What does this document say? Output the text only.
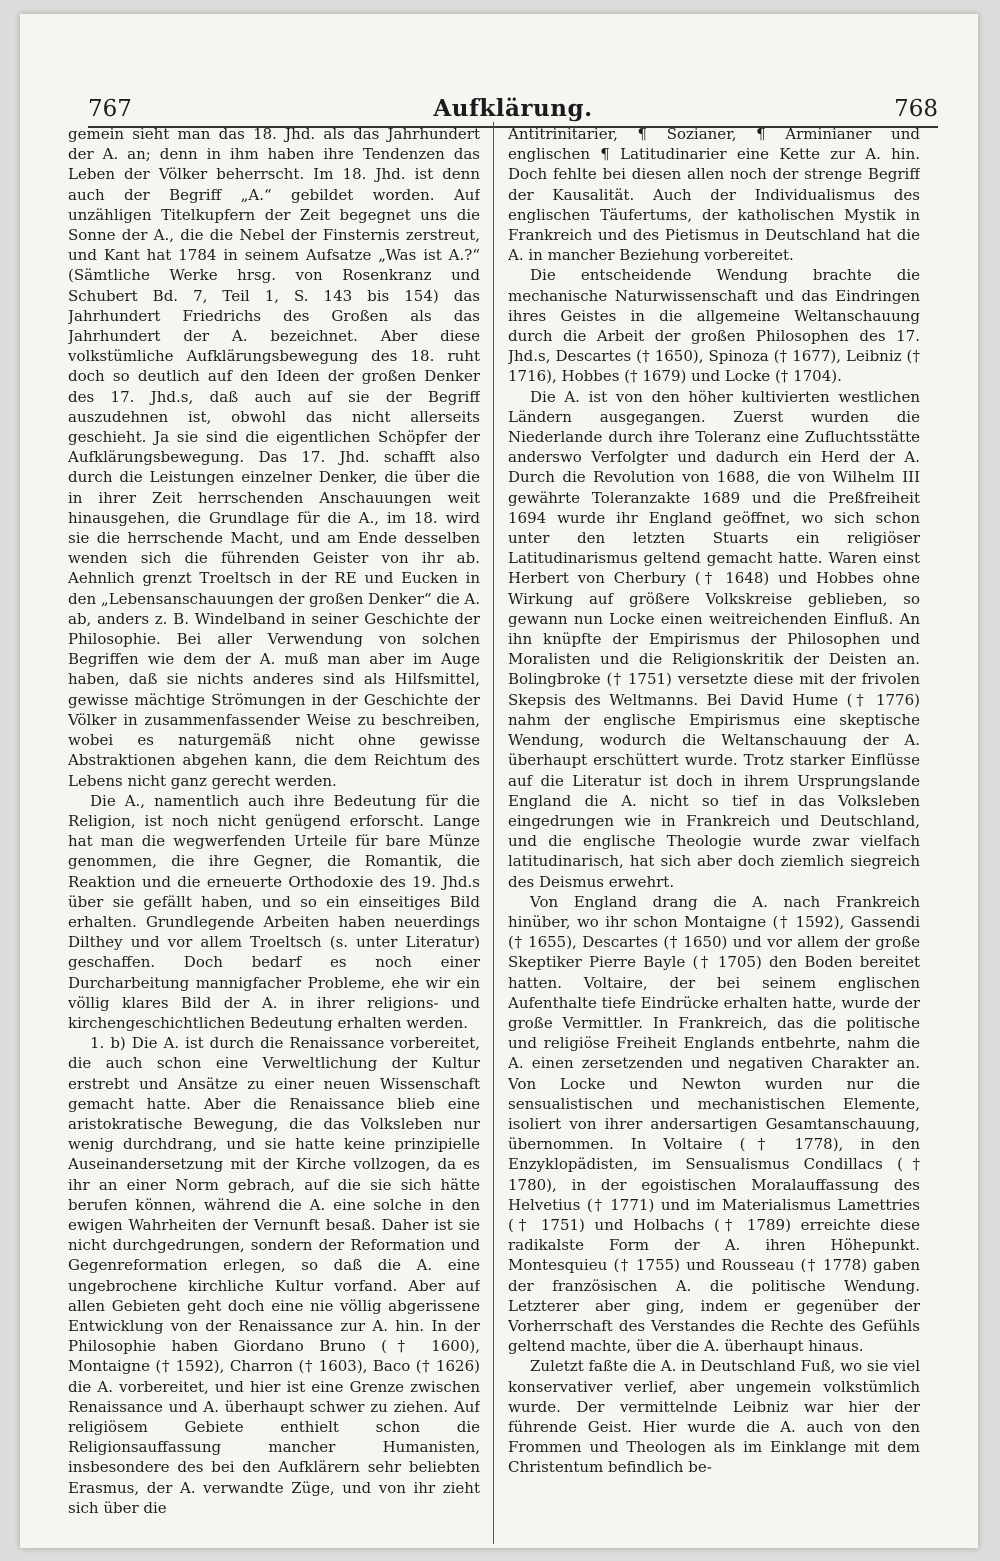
767	Aufklärung.	768

gemein sieht man das 18. Jhd. als das Jahrhundert der A. an; denn in ihm haben ihre Tendenzen das Leben der Völker beherrscht. Im 18. Jhd. ist denn auch der Begriff „A.“ gebildet worden. Auf unzähligen Titelkupfern der Zeit begegnet uns die Sonne der A., die die Nebel der Finsternis zerstreut, und Kant hat 1784 in seinem Aufsatze „Was ist A.?“ (Sämtliche Werke hrsg. von Rosenkranz und Schubert Bd. 7, Teil 1, S. 143 bis 154) das Jahrhundert Friedrichs des Großen als das Jahrhundert der A. bezeichnet. Aber diese volkstümliche Aufklärungsbewegung des 18. ruht doch so deutlich auf den Ideen der großen Denker des 17. Jhd.s, daß auch auf sie der Begriff auszudehnen ist, obwohl das nicht allerseits geschieht. Ja sie sind die eigentlichen Schöpfer der Aufklärungsbewegung. Das 17. Jhd. schafft also durch die Leistungen einzelner Denker, die über die in ihrer Zeit herrschenden Anschauungen weit hinausgehen, die Grundlage für die A., im 18. wird sie die herrschende Macht, und am Ende desselben wenden sich die führenden Geister von ihr ab. Aehnlich grenzt Troeltsch in der RE und Eucken in den „Lebensanschauungen der großen Denker“ die A. ab, anders z. B. Windelband in seiner Geschichte der Philosophie. Bei aller Verwendung von solchen Begriffen wie dem der A. muß man aber im Auge haben, daß sie nichts anderes sind als Hilfsmittel, gewisse mächtige Strömungen in der Geschichte der Völker in zusammenfassender Weise zu beschreiben, wobei es naturgemäß nicht ohne gewisse Abstraktionen abgehen kann, die dem Reichtum des Lebens nicht ganz gerecht werden.

Die A., namentlich auch ihre Bedeutung für die Religion, ist noch nicht genügend erforscht. Lange hat man die wegwerfenden Urteile für bare Münze genommen, die ihre Gegner, die Romantik, die Reaktion und die erneuerte Orthodoxie des 19. Jhd.s über sie gefällt haben, und so ein einseitiges Bild erhalten. Grundlegende Arbeiten haben neuerdings Dilthey und vor allem Troeltsch (s. unter Literatur) geschaffen. Doch bedarf es noch einer Durcharbeitung mannigfacher Probleme, ehe wir ein völlig klares Bild der A. in ihrer religions- und kirchengeschichtlichen Bedeutung erhalten werden.

1. b) Die A. ist durch die Renaissance vorbereitet, die auch schon eine Verweltlichung der Kultur erstrebt und Ansätze zu einer neuen Wissenschaft gemacht hatte. Aber die Renaissance blieb eine aristokratische Bewegung, die das Volksleben nur wenig durchdrang, und sie hatte keine prinzipielle Auseinandersetzung mit der Kirche vollzogen, da es ihr an einer Norm gebrach, auf die sie sich hätte berufen können, während die A. eine solche in den ewigen Wahrheiten der Vernunft besaß. Daher ist sie nicht durchgedrungen, sondern der Reformation und Gegenreformation erlegen, so daß die A. eine ungebrochene kirchliche Kultur vorfand. Aber auf allen Gebieten geht doch eine nie völlig abgerissene Entwicklung von der Renaissance zur A. hin. In der Philosophie haben Giordano Bruno († 1600), Montaigne († 1592), Charron († 1603), Baco († 1626) die A. vorbereitet, und hier ist eine Grenze zwischen Renaissance und A. überhaupt schwer zu ziehen. Auf religiösem Gebiete enthielt schon die Religionsauffassung mancher Humanisten, insbesondere des bei den Aufklärern sehr beliebten Erasmus, der A. verwandte Züge, und von ihr zieht sich über die

Antitrinitarier, ¶ Sozianer, ¶ Arminianer und englischen ¶ Latitudinarier eine Kette zur A. hin. Doch fehlte bei diesen allen noch der strenge Begriff der Kausalität. Auch der Individualismus des englischen Täufertums, der katholischen Mystik in Frankreich und des Pietismus in Deutschland hat die A. in mancher Beziehung vorbereitet.

Die entscheidende Wendung brachte die mechanische Naturwissenschaft und das Eindringen ihres Geistes in die allgemeine Weltanschauung durch die Arbeit der großen Philosophen des 17. Jhd.s, Descartes († 1650), Spinoza († 1677), Leibniz († 1716), Hobbes († 1679) und Locke († 1704).

Die A. ist von den höher kultivierten westlichen Ländern ausgegangen. Zuerst wurden die Niederlande durch ihre Toleranz eine Zufluchtsstätte anderswo Verfolgter und dadurch ein Herd der A. Durch die Revolution von 1688, die von Wilhelm III gewährte Toleranzakte 1689 und die Preßfreiheit 1694 wurde ihr England geöffnet, wo sich schon unter den letzten Stuarts ein religiöser Latitudinarismus geltend gemacht hatte. Waren einst Herbert von Cherbury († 1648) und Hobbes ohne Wirkung auf größere Volkskreise geblieben, so gewann nun Locke einen weitreichenden Einfluß. An ihn knüpfte der Empirismus der Philosophen und Moralisten und die Religionskritik der Deisten an. Bolingbroke († 1751) versetzte diese mit der frivolen Skepsis des Weltmanns. Bei David Hume († 1776) nahm der englische Empirismus eine skeptische Wendung, wodurch die Weltanschauung der A. überhaupt erschüttert wurde. Trotz starker Einflüsse auf die Literatur ist doch in ihrem Ursprungslande England die A. nicht so tief in das Volksleben eingedrungen wie in Frankreich und Deutschland, und die englische Theologie wurde zwar vielfach latitudinarisch, hat sich aber doch ziemlich siegreich des Deismus erwehrt.

Von England drang die A. nach Frankreich hinüber, wo ihr schon Montaigne († 1592), Gassendi († 1655), Descartes († 1650) und vor allem der große Skeptiker Pierre Bayle († 1705) den Boden bereitet hatten. Voltaire, der bei seinem englischen Aufenthalte tiefe Eindrücke erhalten hatte, wurde der große Vermittler. In Frankreich, das die politische und religiöse Freiheit Englands entbehrte, nahm die A. einen zersetzenden und negativen Charakter an. Von Locke und Newton wurden nur die sensualistischen und mechanistischen Elemente, isoliert von ihrer andersartigen Gesamtanschauung, übernommen. In Voltaire († 1778), in den Enzyklopädisten, im Sensualismus Condillacs († 1780), in der egoistischen Moralauffassung des Helvetius († 1771) und im Materialismus Lamettries († 1751) und Holbachs († 1789) erreichte diese radikalste Form der A. ihren Höhepunkt. Montesquieu († 1755) und Rousseau († 1778) gaben der französischen A. die politische Wendung. Letzterer aber ging, indem er gegenüber der Vorherrschaft des Verstandes die Rechte des Gefühls geltend machte, über die A. überhaupt hinaus.

Zuletzt faßte die A. in Deutschland Fuß, wo sie viel konservativer verlief, aber ungemein volkstümlich wurde. Der vermittelnde Leibniz war hier der führende Geist. Hier wurde die A. auch von den Frommen und Theologen als im Einklange mit dem Christentum befindlich be-
